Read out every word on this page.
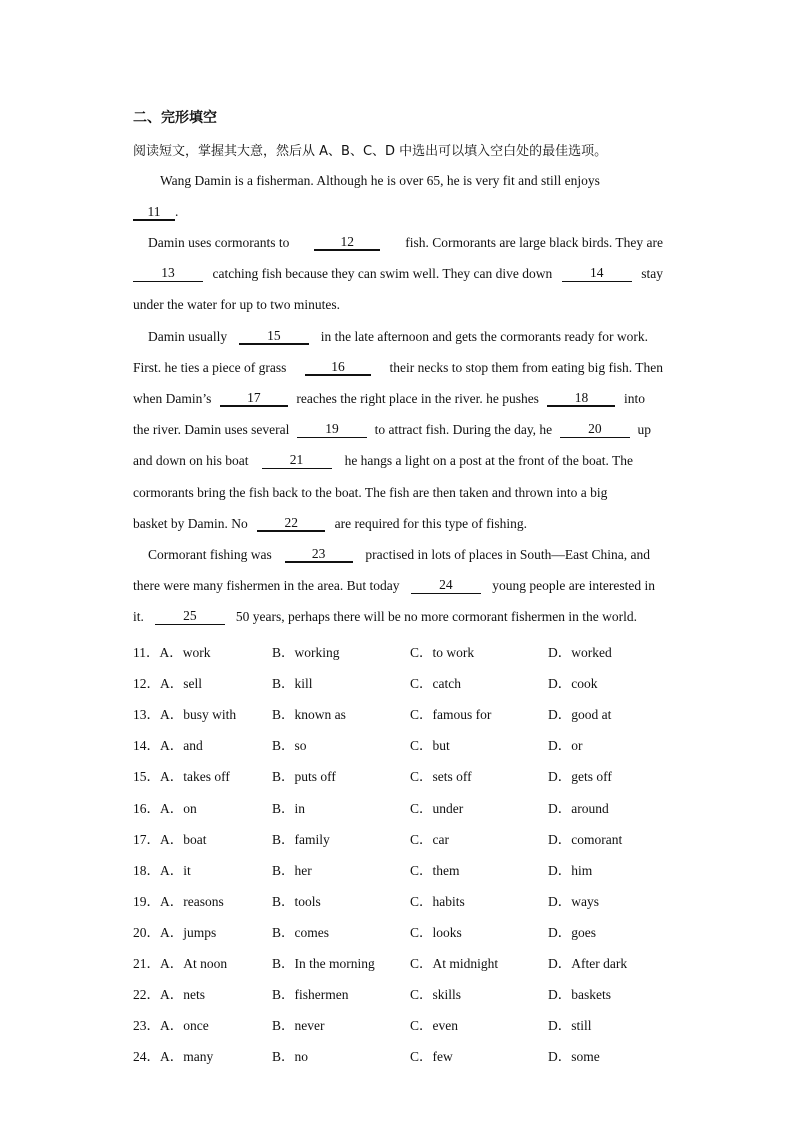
二、完形填空
阅读短文，掌握其大意，然后从 A、B、C、D 中选出可以填入空白处的最佳选项。
Wang Damin is a fisherman. Although he is over 65, he is very fit and still enjoys
11 .
Damin uses cormorants to	12	fish. Cormorants are large black birds. They are
13	catching fish because they can swim well. They can dive down	14	stay
under the water for up to two minutes.
Damin usually	15	in the late afternoon and gets the cormorants ready for work.
First. he ties a piece of grass	16	their necks to stop them from eating big fish. Then
when Damin’s	17	reaches the right place in the river. he pushes	18	into
the river. Damin uses several	19	to attract fish. During the day, he	20	up
and down on his boat	21	he hangs a light on a post at the front of the boat. The
cormorants bring the fish back to the boat. The fish are then taken and thrown into a big
basket by Damin. No	22	are required for this type of fishing.
Cormorant fishing was	23	practised in lots of places in South—East China, and
there were many fishermen in the area. But today	24	young people are interested in
it.	25	50 years, perhaps there will be no more cormorant fishermen in the world.
11．A．work	B．working	C．to work	D．worked
12．A．sell	B．kill	C．catch	D．cook
13．A．busy with	B．known as	C．famous for	D．good at
14．A．and	B．so	C．but	D．or
15．A．takes off	B．puts off	C．sets off	D．gets off
16．A．on	B．in	C．under	D．around
17．A．boat	B．family	C．car	D．comorant
18．A．it	B．her	C．them	D．him
19．A．reasons	B．tools	C．habits	D．ways
20．A．jumps	B．comes	C．looks	D．goes
21．A．At noon	B．In the morning	C．At midnight	D．After dark
22．A．nets	B．fishermen	C．skills	D．baskets
23．A．once	B．never	C．even	D．still
24．A．many	B．no	C．few	D．some
